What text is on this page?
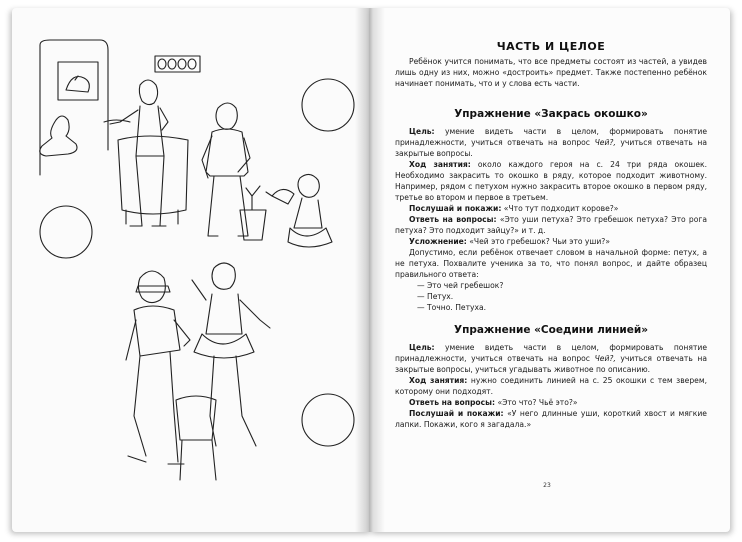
ЧАСТЬ И ЦЕЛОЕ

Ребёнок учится понимать, что все предметы состоят из частей, а увидев лишь одну из них, можно «достроить» предмет. Также постепенно ребёнок начинает понимать, что и у слова есть части.

Упражнение «Закрась окошко»

Цель: умение видеть части в целом, формировать понятие принадлежности, учиться отвечать на вопрос Чей?, учиться отвечать на закрытые вопросы.

Ход занятия: около каждого героя на с. 24 три ряда окошек. Необходимо закрасить то окошко в ряду, которое подходит животному. Например, рядом с петухом нужно закрасить второе окошко в первом ряду, третье во втором и первое в третьем.

Послушай и покажи: «Что тут подходит корове?»

Ответь на вопросы: «Это уши петуха? Это гребешок петуха? Это рога петуха? Это подходит зайцу?» и т. д.

Усложнение: «Чей это гребешок? Чьи это уши?»

Допустимо, если ребёнок отвечает словом в начальной форме: петух, а не петуха. Похвалите ученика за то, что понял вопрос, и дайте образец правильного ответа:

— Это чей гребешок?

— Петух.

— Точно. Петуха.

Упражнение «Соедини линией»

Цель: умение видеть части в целом, формировать понятие принадлежности, учиться отвечать на вопрос Чей?, учиться отвечать на закрытые вопросы, учиться угадывать животное по описанию.

Ход занятия: нужно соединить линией на с. 25 окошки с тем зверем, которому они подходят.

Ответь на вопросы: «Это что? Чьё это?»

Послушай и покажи: «У него длинные уши, короткий хвост и мягкие лапки. Покажи, кого я загадала.»

23
